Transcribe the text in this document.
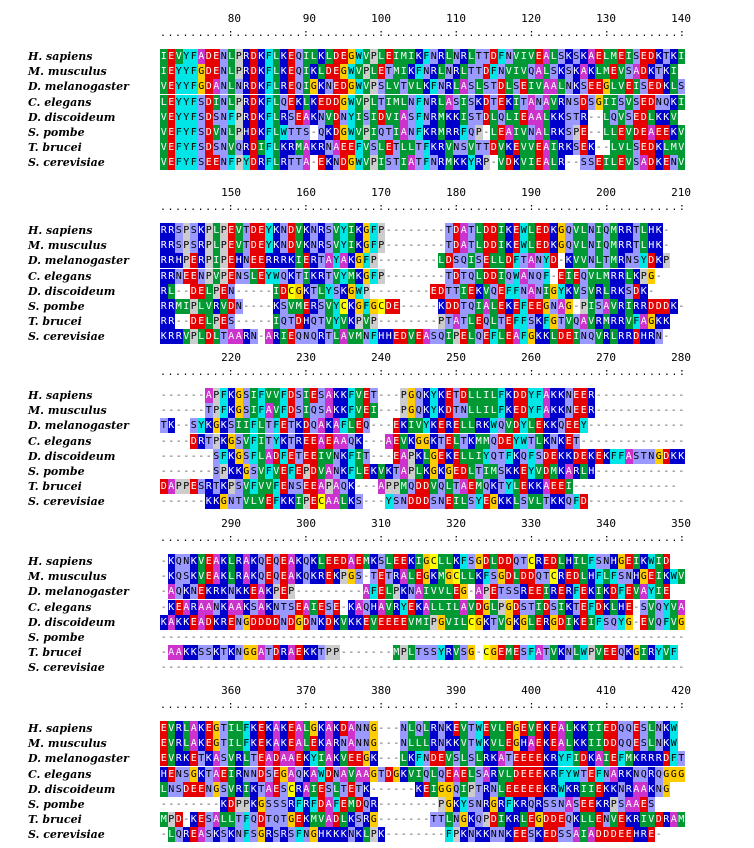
80	90	100	110	120	130	140
.........:.........:.........:.........:.........:.........:.........:
H. sapiens	I E V Y F A D E N L P R D K F L K E Q I L K L D E G W V P L E I M I K F N R L N R L T T D F N V I V E A L S K S K A E L M E I S E D K T K I
M. musculus	I E Y Y F G D E N L P R D K F L K E Q I K L D E G W V P L E T M I K F N R L N R L T T D F N V I V Q A L S K S K A K L M E V S A D K T K I
D. melanogaster	V E Y Y F G D A N L N R D K F L R E Q I G K N E D G W V P S L V T V L K F N R L A S L S T D L S E I V A A L N K S E E G L V E I S E D K L S
C. elegans	L E Y Y F S D I N L P R D K F L Q E K L K E D D G W V P L T I M L N F N R L A S I S K D T E K I T A N A V R N S D S G I I S V S E D N Q K I
D. discoideum	V E Y Y F S D S N F P R D K F L R S E A K N V D N Y I S I D V I A S F N R M K K I S T D L Q L I E A A L K K S T R - - L Q V S E D L K K V
S. pombe	V E F Y F S D V N L P H D K F L W T T S - Q K D G W V P I Q T I A N F K R M R R F Q P - L E A I V N A L R K S P E - - L L E V D E A E E K V
T. brucei	V E F Y F S D S N V Q R D I F L K R M A K R N A E E F V S L E T L L T F K R V N S V T T D V K E V V E A I R K S E K - - L V L S E D K L M V
S. cerevisiae	V E F Y F S E E N F P Y D R F L R T T A - E K N D G W V P I S T I A T F N R M K K Y R P - V D K V I E A L R - - S S E I L E V S A D K E N V
150	160	170	180	190	200	210
.........:.........:.........:.........:.........:.........:.........:
H. sapiens	R R S P S K P L P E V T D E Y K N D V K N R S V Y I K G F P - - - - - - - - T D A T L D D I K E W L E D K G Q V L N I Q M R R T L H K -
M. musculus	R R S P S R P L P E V T D E Y K N D V K N R S V Y I K G F P - - - - - - - - T D A T L D D I K E W L E D K G Q V L N I Q M R R T L H K -
D. melanogaster	R R H P E R P I P E H N E E R R R K I E R T A Y A K G F P - - - - - - - - L D S Q I S E L L D F T A N Y D - K V V N L T M R N S Y D K P
C. elegans	R R N E E N P V P E N S L E Y W Q K T I K R T V Y M K G F P - - - - - - - - T D T Q L D D I Q W A N Q F - E I E Q V L M R R L K P G -
D. discoideum	R L - - D E L P E N - - - - - I D C G K T L Y S K G W P - - - - - - - - E D T T I E K V Q E F F N A N I G Y K V S V R L R K S D K -
S. pombe	R R M I P L V R V D N - - - - K S V M E R S V Y C K G F G C D E - - - - - K D D T Q I A L E K E F E E G N A G - P I S A V R I R R D D D K -
T. brucei	R R - - D E L P E S - - - - - I Q T D H Q T V Y V K P V P - - - - - - - - P T A T L E Q L T E F F S K F G T V Q A V R M R R V F A G K K
S. cerevisiae	K R R V P L D L T A A R N - A R I E Q N Q R T L A V M N F H H E D V E A S Q I P E L Q E F L E A F G K K L D E I N Q V R L R R D H R N -
220	230	240	250	260	270	280
.........:.........:.........:.........:.........:.........:.........:
H. sapiens	- - - - - - A P F K G S I F V V F D S I E S A K K F V E T - - - P G Q K Y K E T D L L I L F K D D Y F A K K N E E R - - - - - - - - - - - -
M. musculus	- - - - - - T P F K G S I F A V F D S I Q S A K K F V E I - - - P G Q K Y K D T N L L I L F K E D Y F A K K N E E R - - - - - - - - - - - -
D. melanogaster	T K - - S Y K G K S I I F L T F E T K D Q A K A F L E Q - - - E K I V Y K E R E L L R K W Q V D Y L E K K Q E E Y - - - - - - - - - - - - -
C. elegans	- - - - D R T P K G S V F I T Y K T R E E A E A A Q K - - - A E V K G G K T E L T K M M Q D E Y W T L K N K E T - - - - - - - - - - - - - -
D. discoideum	- - - - - - - S F K G S F L A D F E T E E I V N K F I T - - - E A P K L G E K E L L I Y Q T F K Q F S D E K K D E K E K F F A S T N G D K K
S. pombe	- - - - - - - S P K K G S V F V E F E P D V A N K F L E K V K T A P L K G K G E D L T I M S K K E Y V D M K A R L H - - - - - - - - - - - -
T. brucei	D A P P E S R T K P S V F V V F E N S E E A P A Q K - - - A P P M Q D D V Q L T A E M Q K T Y L E K K A E E I - - - - - - - - - - - - - -
S. cerevisiae	- - - - - - K K G N T V L V E F K K I P E C A A L K S - - - Y S N D D D S N E I L S Y E G K K L S V L T K K Q F D - - - - - - - - - - - - -
290	300	310	320	330	340	350
.........:.........:.........:.........:.........:.........:.........:
H. sapiens	- K Q N K V E A K L R A K Q E Q E A K Q K L E E D A E M K S L E E K I G C L L K F S G D L D D Q T C R E D L H I L F S N H G E I K W I D
M. musculus	- K Q S K V E A K L R A K Q E Q E A K Q K R E K P G S - T E T R A L E G K M G C L L K F S G D L D D Q T C R E D L H F L F S N H G E I K W V
D. melanogaster	- A Q K N E K R K N K K E A K P E P - - - - - - - - - A F E L P K N A I V V L E G - A P E T S S R E E I R E R F E K I K D F E V A Y I E
C. elegans	- K E A R A A N K A A K S A K N T S E A I E S E - K A Q H A V R Y E K A L L I L A V D G L P G D S T I D S I K T E F D K L H E - S V Q Y V A
D. discoideum	K A K K E A D K R E N G D D D D N D G D N K D K V K K E V E E E E V M I P G V I L C G K T V G K G L E R G D I K E I F S Q Y G - E V Q F V G
S. pombe	- - - - - - - - - - - - - - - - - - - - - - - - - - - - - - - - - - - - - - - - - - - - - - - - - - - - - - - - - - - - - - - - - - - - - -
T. brucei	- A A K K S S K T K N G G A T D R A E K K T P P - - - - - - - M P L T S S Y R V S G - C G E M E S F A T V K N L W P V E E Q K G I R Y V F
S. cerevisiae	- - - - - - - - - - - - - - - - - - - - - - - - - - - - - - - - - - - - - - - - - - - - - - - - - - - - - - - - - - - - - - - - - - - - - -
360	370	380	390	400	410	420
.........:.........:.........:.........:.........:.........:.........:
H. sapiens	E V R L A K E G T I L F K E K A K E A L G K A K D A N N G - - - N L Q L R N K E V T W E V L E G E V E K E A L K K I I E D Q Q E S L N K W
M. musculus	E V R L A K E G T I L F K E K A K E A L E K A R N A N N G - - - N L L L R N K K V T W K V L E G H A E K E A L K K I I D D Q Q E S L N K W
D. melanogaster	E V R K E T K A S V R L T E A D A A E K Y I A K V E E G K - - - L K F N D E V S L S L R K A T E E E E K R Y F I D K A I E F M K R R R D F T
C. elegans	H E N S G K T A E I R N N D S E G A Q K A W D N A V A A G T D G K V I Q L Q E A E L S A R V L D E E E K R F Y W T E F N A R K N Q R Q G G G
D. discoideum	L N S D E E N G S V R I K T A E S C R A I E S L T E T K - - - - - - K E I G G Q I P T R N L E E E E E K R W K R I I E K K N R A A K N G
S. pombe	- - - - - - - - K D P P K G S S S R F R F D A F E M D Q R - - - - - - - - P G K Y S N R G R F K R Q R S S N A S E E K R P S A A E S
T. brucei	M P D - K E S A L L T F Q D T Q T G E K M V A D L K S R G - - - - - - - T T L N G K Q P D I K R L E G D D E Q K L L E N V E K R I V D R A M
S. cerevisiae	- L Q R E A S K S K N F S G R S R S F N G H K K K N K L P K - - - - - - - - F P K N K K N N K E E S K E D S S A I A D D D E E H R E -
